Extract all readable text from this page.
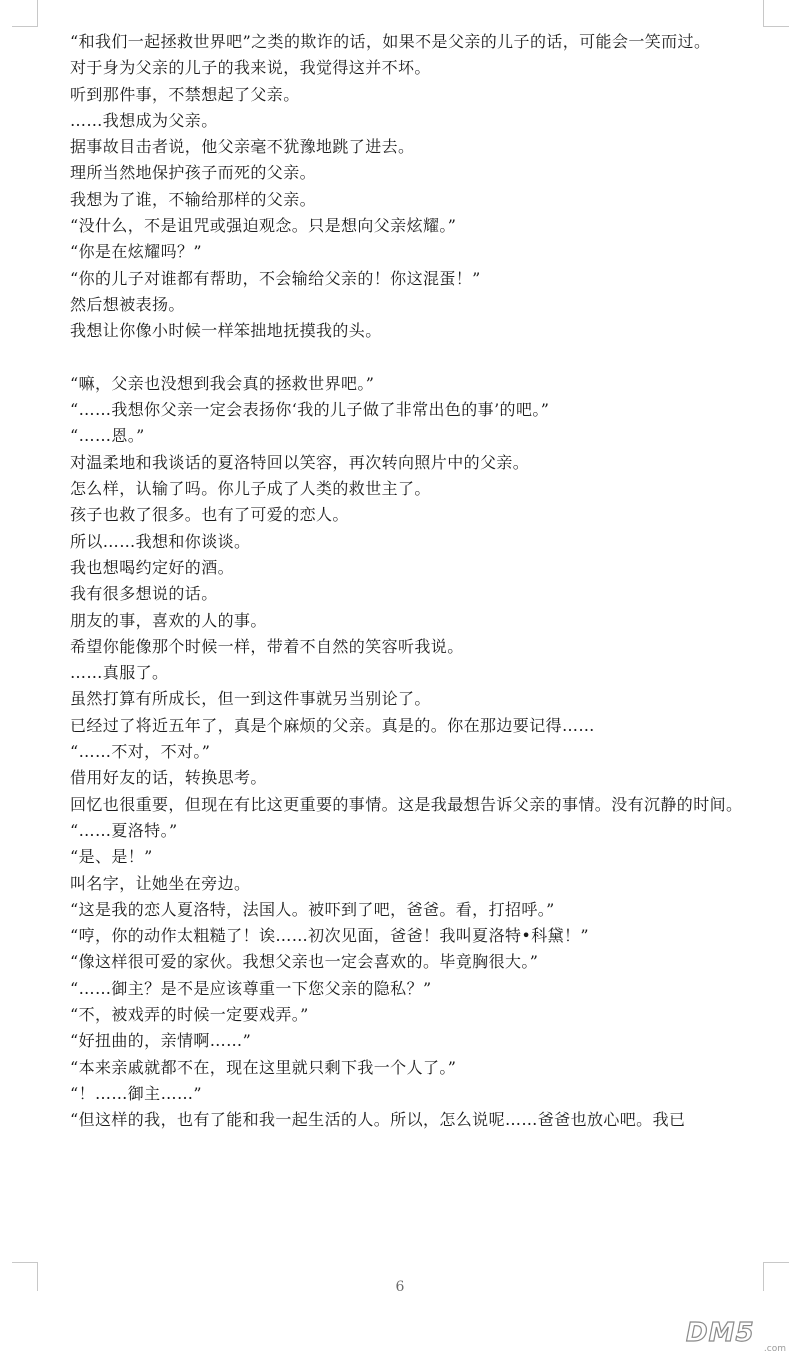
“和我们一起拯救世界吧”之类的欺诈的话，如果不是父亲的儿子的话，可能会一笑而过。

对于身为父亲的儿子的我来说，我觉得这并不坏。

听到那件事，不禁想起了父亲。

……我想成为父亲。

据事故目击者说，他父亲毫不犹豫地跳了进去。

理所当然地保护孩子而死的父亲。

我想为了谁，不输给那样的父亲。

“没什么，不是诅咒或强迫观念。只是想向父亲炫耀。”

“你是在炫耀吗？”

“你的儿子对谁都有帮助，不会输给父亲的！你这混蛋！”

然后想被表扬。

我想让你像小时候一样笨拙地抚摸我的头。

“嘛，父亲也没想到我会真的拯救世界吧。”

“……我想你父亲一定会表扬你‘我的儿子做了非常出色的事’的吧。”

“……恩。”

对温柔地和我谈话的夏洛特回以笑容，再次转向照片中的父亲。

怎么样，认输了吗。你儿子成了人类的救世主了。

孩子也救了很多。也有了可爱的恋人。

所以……我想和你谈谈。

我也想喝约定好的酒。

我有很多想说的话。

朋友的事，喜欢的人的事。

希望你能像那个时候一样，带着不自然的笑容听我说。

……真服了。

虽然打算有所成长，但一到这件事就另当别论了。

已经过了将近五年了，真是个麻烦的父亲。真是的。你在那边要记得……

“……不对，不对。”

借用好友的话，转换思考。

回忆也很重要，但现在有比这更重要的事情。这是我最想告诉父亲的事情。没有沉静的时间。

“……夏洛特。”

“是、是！”

叫名字，让她坐在旁边。

“这是我的恋人夏洛特，法国人。被吓到了吧，爸爸。看，打招呼。”

“哼，你的动作太粗糙了！诶……初次见面，爸爸！我叫夏洛特•科黛！”

“像这样很可爱的家伙。我想父亲也一定会喜欢的。毕竟胸很大。”

“……御主？是不是应该尊重一下您父亲的隐私？”

“不，被戏弄的时候一定要戏弄。”

“好扭曲的，亲情啊……”

“本来亲戚就都不在，现在这里就只剩下我一个人了。”

“！……御主……”

“但这样的我，也有了能和我一起生活的人。所以，怎么说呢……爸爸也放心吧。我已

6
DM5
.com
